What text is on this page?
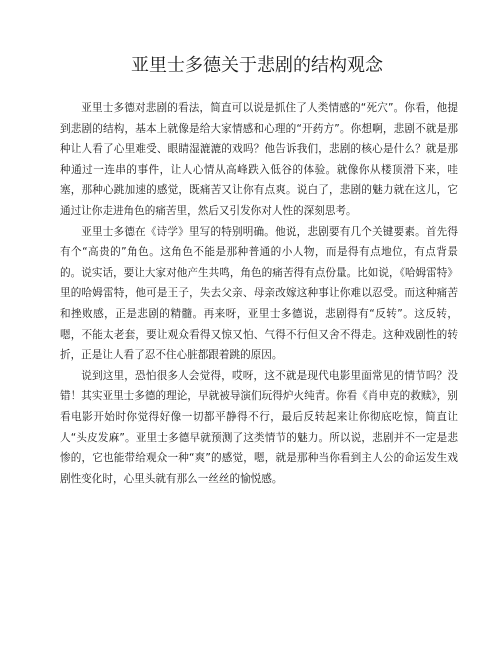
亚里士多德关于悲剧的结构观念

亚里士多德对悲剧的看法，简直可以说是抓住了人类情感的“死穴”。你看，他提到悲剧的结构，基本上就像是给大家情感和心理的“开药方”。你想啊，悲剧不就是那种让人看了心里难受、眼睛湿漉漉的戏吗？他告诉我们，悲剧的核心是什么？就是那种通过一连串的事件，让人心情从高峰跌入低谷的体验。就像你从楼顶滑下来，哇塞，那种心跳加速的感觉，既痛苦又让你有点爽。说白了，悲剧的魅力就在这儿，它通过让你走进角色的痛苦里，然后又引发你对人性的深刻思考。

亚里士多德在《诗学》里写的特别明确。他说，悲剧要有几个关键要素。首先得有个“高贵的”角色。这角色不能是那种普通的小人物，而是得有点地位，有点背景的。说实话，要让大家对他产生共鸣，角色的痛苦得有点份量。比如说，《哈姆雷特》里的哈姆雷特，他可是王子，失去父亲、母亲改嫁这种事让你难以忍受。而这种痛苦和挫败感，正是悲剧的精髓。再来呀，亚里士多德说，悲剧得有“反转”。这反转，嗯，不能太老套，要让观众看得又惊又怕、气得不行但又舍不得走。这种戏剧性的转折，正是让人看了忍不住心脏都跟着跳的原因。

说到这里，恐怕很多人会觉得，哎呀，这不就是现代电影里面常见的情节吗？没错！其实亚里士多德的理论，早就被导演们玩得炉火纯青。你看《肖申克的救赎》，别看电影开始时你觉得好像一切都平静得不行，最后反转起来让你彻底吃惊，简直让人“头皮发麻”。亚里士多德早就预测了这类情节的魅力。所以说，悲剧并不一定是悲惨的，它也能带给观众一种“爽”的感觉，嗯，就是那种当你看到主人公的命运发生戏剧性变化时，心里头就有那么一丝丝的愉悦感。
